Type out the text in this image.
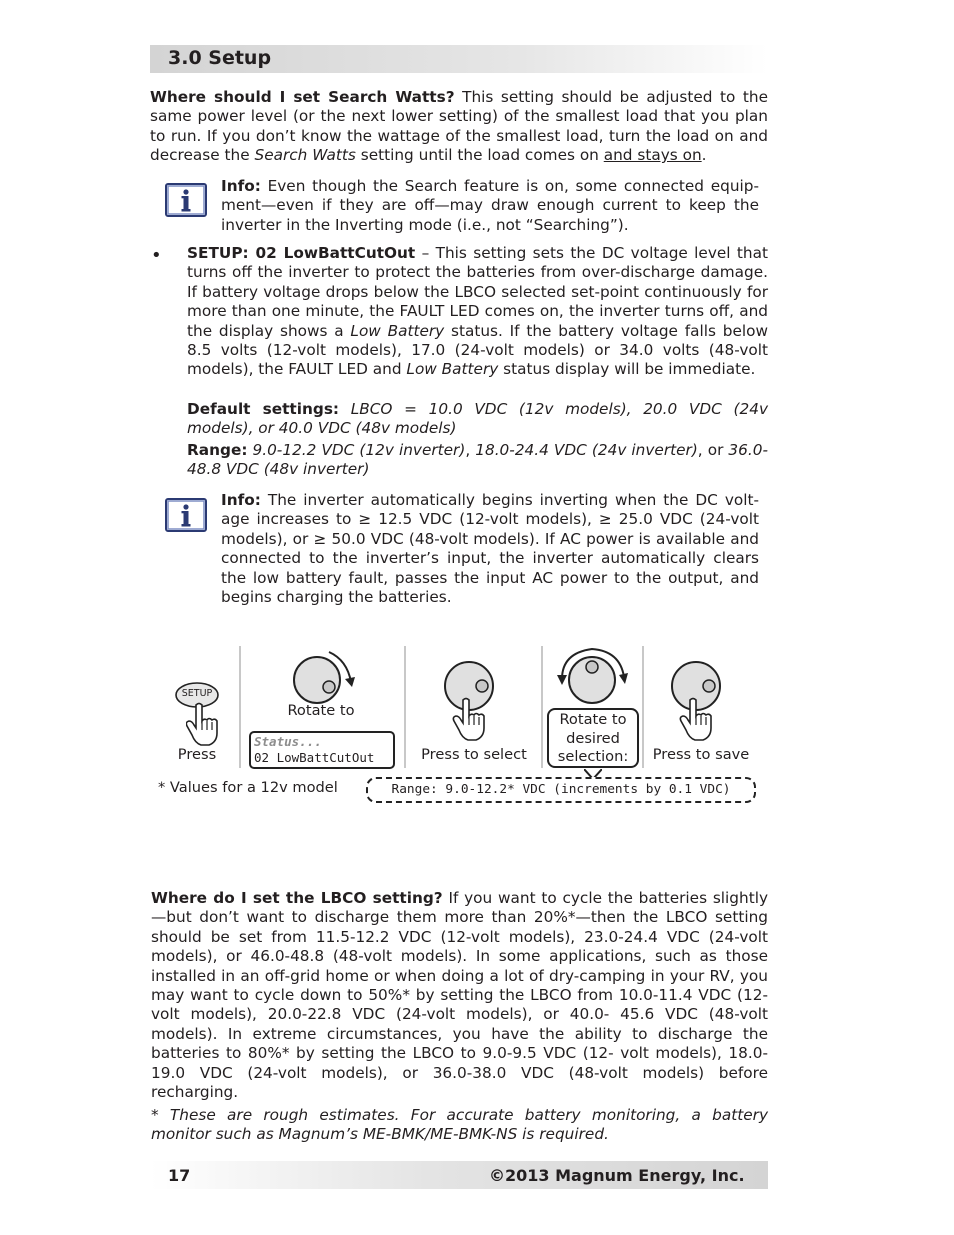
3.0 Setup
Where should I set Search Watts? This setting should be adjusted to the same power level (or the next lower setting) of the smallest load that you plan to run. If you don’t know the wattage of the smallest load, turn the load on and decrease the Search Watts setting until the load comes on and stays on.
Info: Even though the Search feature is on, some connected equip- ment—even if they are off—may draw enough current to keep the inverter in the Inverting mode (i.e., not “Searching”).
• SETUP: 02 LowBattCutOut – This setting sets the DC voltage level that turns off the inverter to protect the batteries from over-discharge damage. If battery voltage drops below the LBCO selected set-point continuously for more than one minute, the FAULT LED comes on, the inverter turns off, and the display shows a Low Battery status. If the battery voltage falls below 8.5 volts (12-volt models), 17.0 (24-volt models) or 34.0 volts (48-volt models), the FAULT LED and Low Battery status display will be immediate.
Default settings: LBCO = 10.0 VDC (12v models), 20.0 VDC (24v models), or 40.0 VDC (48v models)
Range: 9.0-12.2 VDC (12v inverter), 18.0-24.4 VDC (24v inverter), or 36.0-48.8 VDC (48v inverter)
Info: The inverter automatically begins inverting when the DC volt- age increases to ≥ 12.5 VDC (12-volt models), ≥ 25.0 VDC (24-volt models), or ≥ 50.0 VDC (48-volt models). If AC power is available and connected to the inverter’s input, the inverter automatically clears the low battery fault, passes the input AC power to the output, and begins charging the batteries.
SETUP
Press
Rotate to
Status...
02 LowBattCutOut	Press to select
Rotate to
desired
selection:	Press to save
* Values for a 12v model	Range: 9.0-12.2* VDC (increments by 0.1 VDC)
Where do I set the LBCO setting? If you want to cycle the batteries slightly—but don’t want to discharge them more than 20%*—then the LBCO setting should be set from 11.5-12.2 VDC (12-volt models), 23.0-24.4 VDC (24-volt models), or 46.0-48.8 (48-volt models). In some applications, such as those installed in an off-grid home or when doing a lot of dry-camping in your RV, you may want to cycle down to 50%* by setting the LBCO from 10.0-11.4 VDC (12-volt models), 20.0-22.8 VDC (24-volt models), or 40.0- 45.6 VDC (48-volt models). In extreme circumstances, you have the ability to discharge the batteries to 80%* by setting the LBCO to 9.0-9.5 VDC (12- volt models), 18.0-19.0 VDC (24-volt models), or 36.0-38.0 VDC (48-volt models) before recharging.
* These are rough estimates. For accurate battery monitoring, a battery monitor such as Magnum’s ME-BMK/ME-BMK-NS is required.
17	©2013 Magnum Energy, Inc.
